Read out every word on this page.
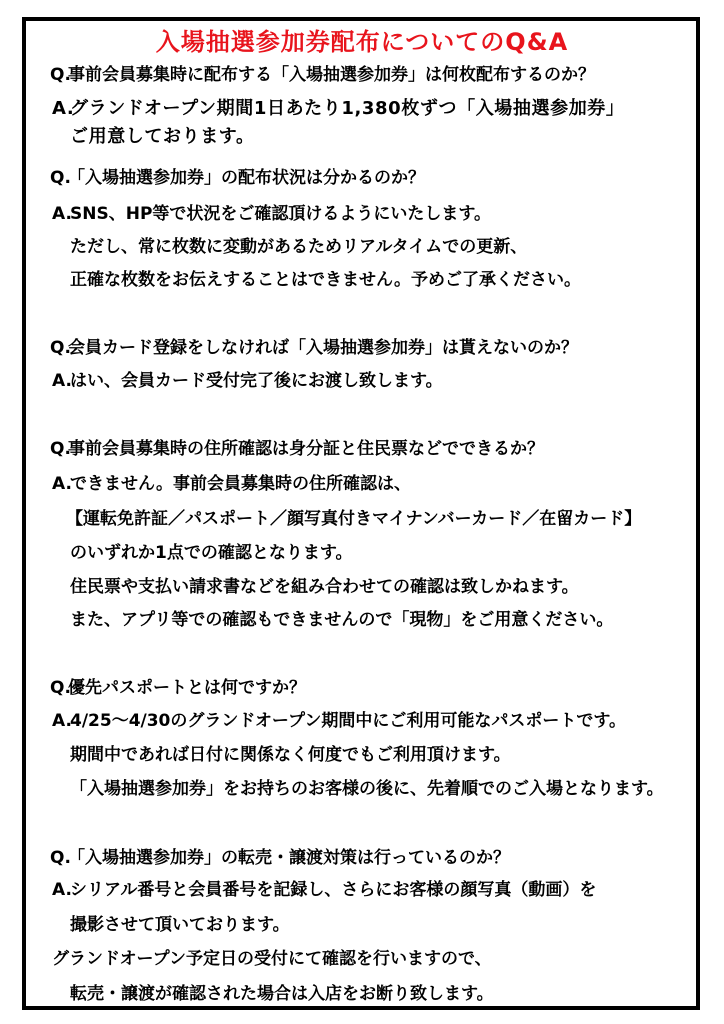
入場抽選参加券配布についてのQ&A
Q.事前会員募集時に配布する「入場抽選参加券」は何枚配布するのか？
A.グランドオープン期間1日あたり1,380枚ずつ「入場抽選参加券」
ご用意しております。
Q.「入場抽選参加券」の配布状況は分かるのか？
A.SNS、HP等で状況をご確認頂けるようにいたします。
ただし、常に枚数に変動があるためリアルタイムでの更新、
正確な枚数をお伝えすることはできません。予めご了承ください。
Q.会員カード登録をしなければ「入場抽選参加券」は貰えないのか？
A.はい、会員カード受付完了後にお渡し致します。
Q.事前会員募集時の住所確認は身分証と住民票などでできるか？
A.できません。事前会員募集時の住所確認は、
【運転免許証／パスポート／顔写真付きマイナンバーカード／在留カード】
のいずれか1点での確認となります。
住民票や支払い請求書などを組み合わせての確認は致しかねます。
また、アプリ等での確認もできませんので「現物」をご用意ください。
Q.優先パスポートとは何ですか？
A.4/25～4/30のグランドオープン期間中にご利用可能なパスポートです。
期間中であれば日付に関係なく何度でもご利用頂けます。
「入場抽選参加券」をお持ちのお客様の後に、先着順でのご入場となります。
Q.「入場抽選参加券」の転売・譲渡対策は行っているのか？
A.シリアル番号と会員番号を記録し、さらにお客様の顔写真（動画）を
撮影させて頂いております。
グランドオープン予定日の受付にて確認を行いますので、
転売・譲渡が確認された場合は入店をお断り致します。
